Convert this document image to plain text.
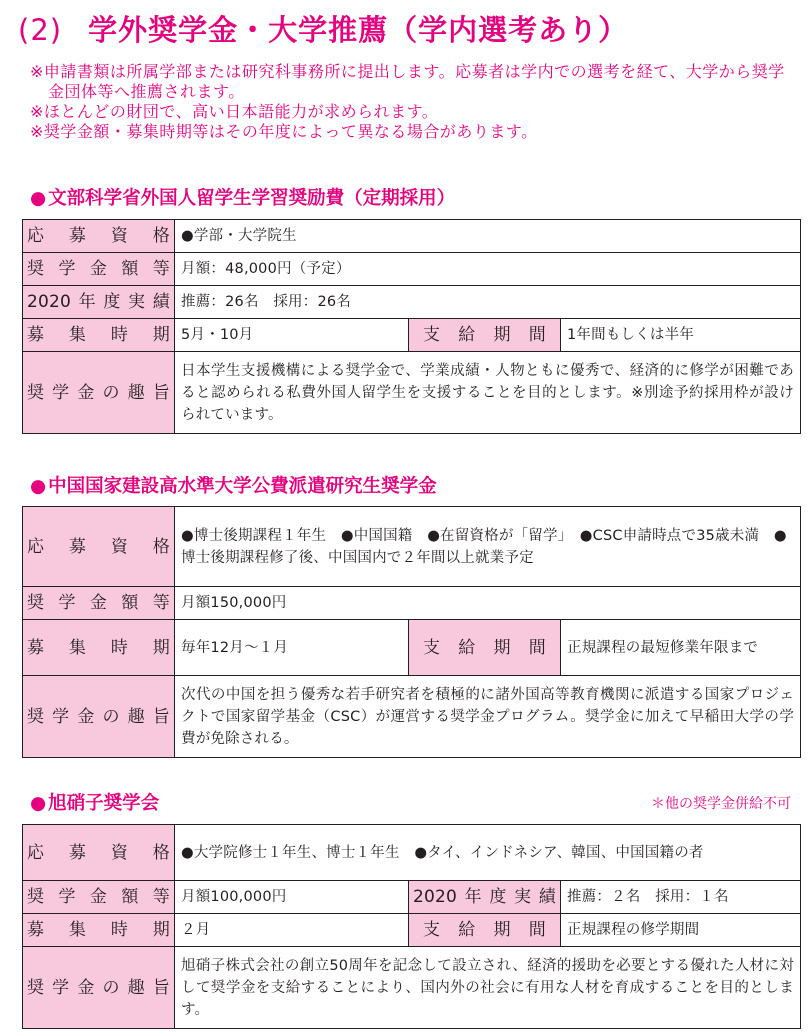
(2) 学外奨学金・大学推薦（学内選考あり）

※申請書類は所属学部または研究科事務所に提出します。応募者は学内での選考を経て、大学から奨学金団体等へ推薦されます。

※ほとんどの財団で、高い日本語能力が求められます。

※奨学金額・募集時期等はその年度によって異なる場合があります。

● 文部科学省外国人留学生学習奨励費（定期採用）
応募資格	●学部・大学院生		

奨学金額等	月額：48,000円（予定）		

2020年度実績	推薦：26名　採用：26名		

募集時期	5月・10月	支給期間	1年間もしくは半年

奨学金の趣旨	日本学生支援機構による奨学金で、学業成績・人物ともに優秀で、経済的に修学が困難であると認められる私費外国人留学生を支援することを目的とします。※別途予約採用枠が設けられています。		
● 中国国家建設高水準大学公費派遣研究生奨学金
応募資格	●博士後期課程１年生　●中国国籍　●在留資格が「留学」　●CSC申請時点で35歳未満　●博士後期課程修了後、中国国内で２年間以上就業予定		

奨学金額等	月額150,000円		

募集時期	毎年12月～１月	支給期間	正規課程の最短修業年限まで

奨学金の趣旨	次代の中国を担う優秀な若手研究者を積極的に諸外国高等教育機関に派遣する国家プロジェクトで国家留学基金（CSC）が運営する奨学金プログラム。奨学金に加えて早稲田大学の学費が免除される。		
● 旭硝子奨学会	＊他の奨学金併給不可
応募資格	●大学院修士１年生、博士１年生　●タイ、インドネシア、韓国、中国国籍の者		

奨学金額等	月額100,000円	2020年度実績	推薦：２名　採用：１名

募集時期	２月	支給期間	正規課程の修学期間

奨学金の趣旨	旭硝子株式会社の創立50周年を記念して設立され、経済的援助を必要とする優れた人材に対して奨学金を支給することにより、国内外の社会に有用な人材を育成することを目的とします。		
